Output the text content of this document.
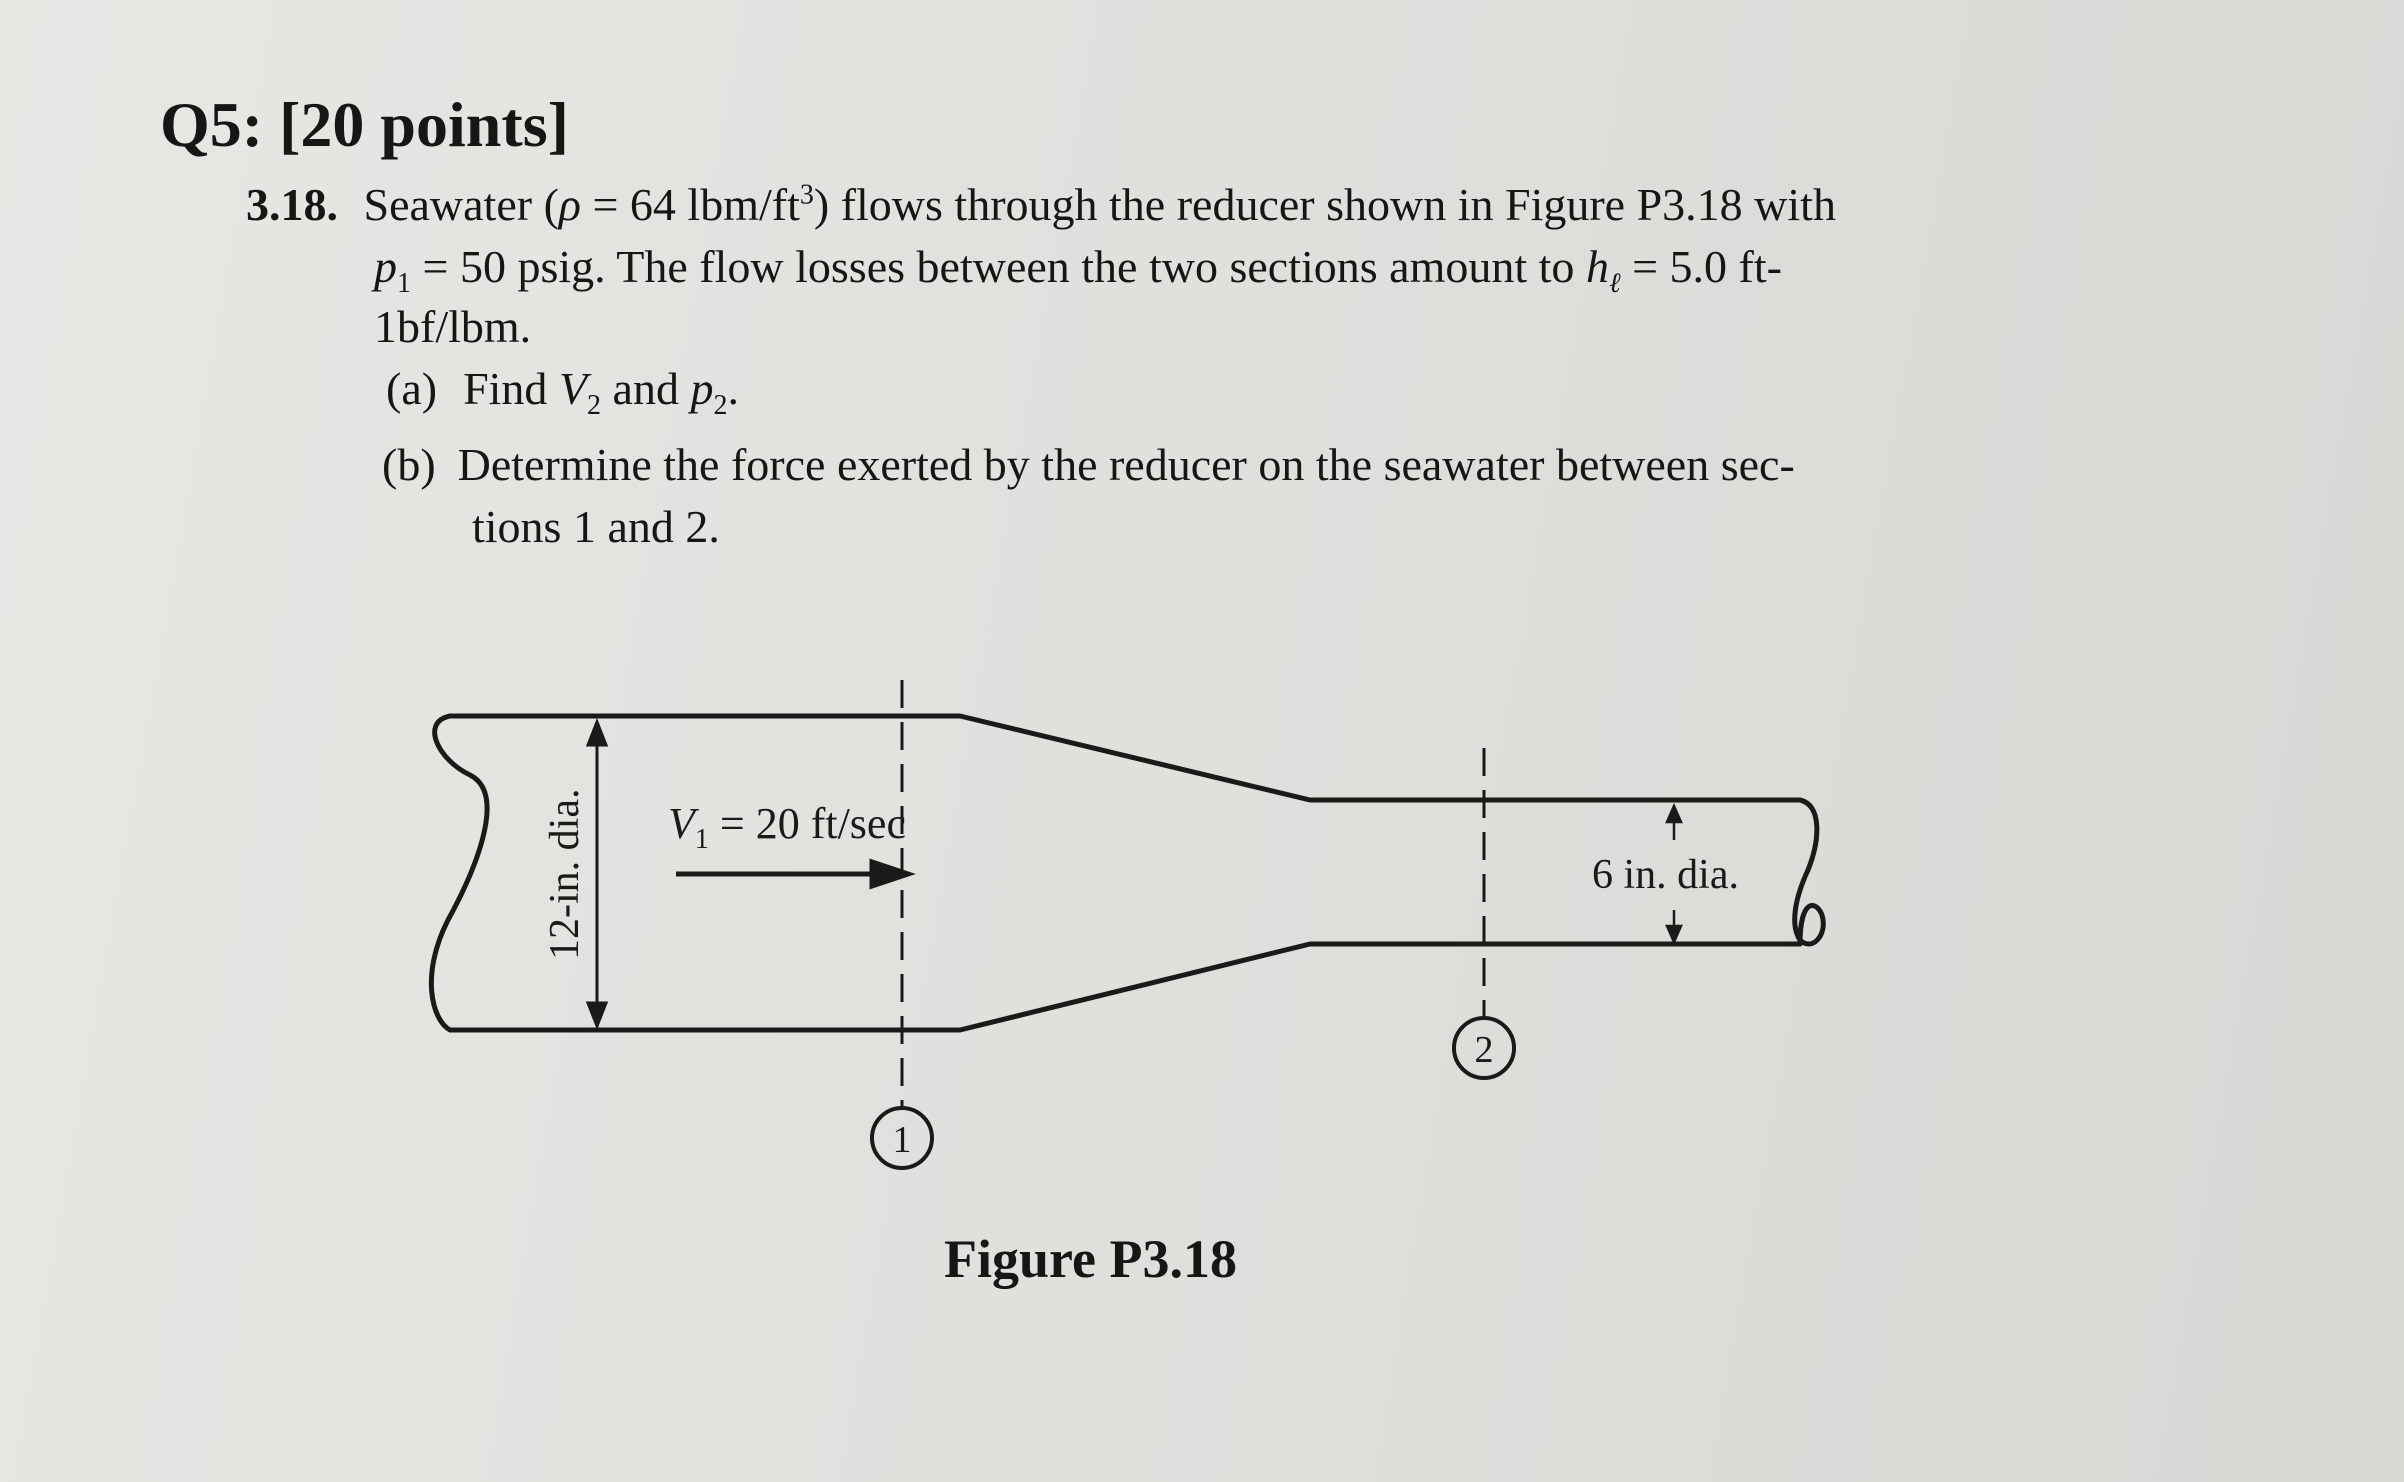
Q5: [20 points]
3.18. Seawater (ρ = 64 lbm/$ft^3$) flows through the reducer shown in Figure P3.18 with
$p_1 = 50$ psig. The flow losses between the two sections amount to $h_\ell = 5.0$ ft-
1bf/lbm.
(a) Find $V_2$ and $p_2$.
(b) Determine the force exerted by the reducer on the seawater between sec-
tions 1 and 2.
1
2
12-in. dia. $V_1 = 20$ ft/sec
6 in. dia.
Figure P3.18
